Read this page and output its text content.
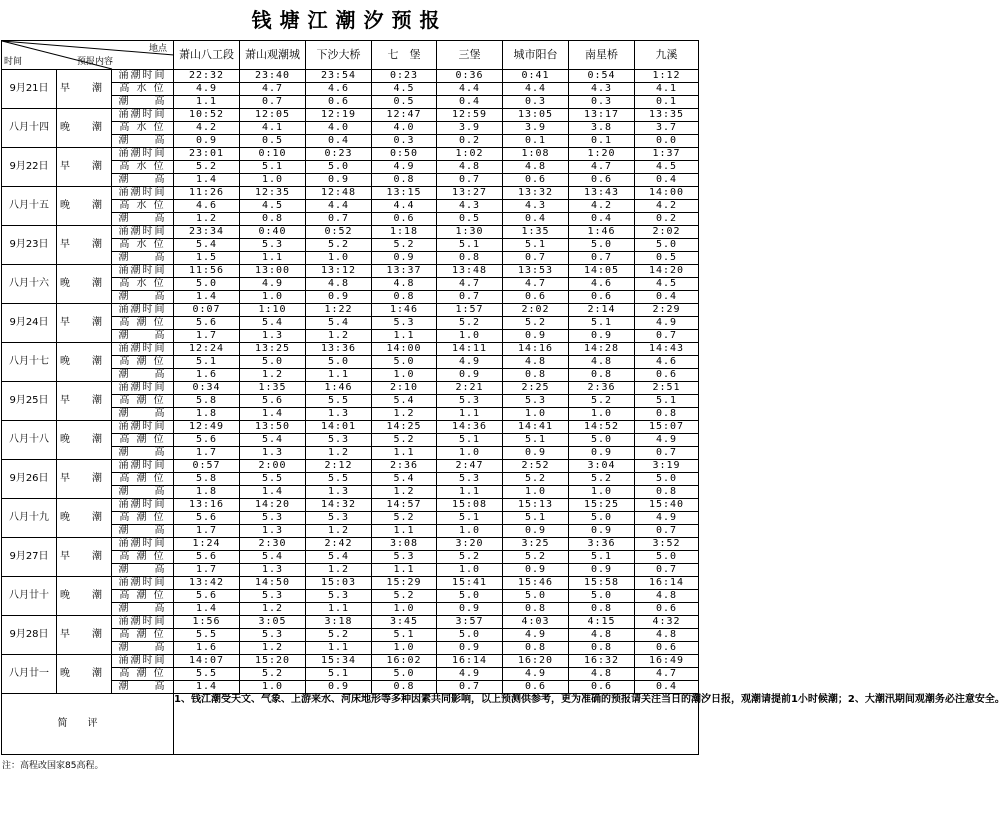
钱塘江潮汐预报
地点
预报内容
时间			萧山八工段	萧山观潮城	下沙大桥	七　堡	三堡	城市阳台	南星桥	九溪
9月21日	早　潮	涌潮时间	22:32	23:40	23:54	0:23	0:36	0:41	0:54	1:12
		高 水 位	4.9	4.7	4.6	4.5	4.4	4.4	4.3	4.1
		潮　　高	1.1	0.7	0.6	0.5	0.4	0.3	0.3	0.1
八月十四	晚　潮	涌潮时间	10:52	12:05	12:19	12:47	12:59	13:05	13:17	13:35
		高 水 位	4.2	4.1	4.0	4.0	3.9	3.9	3.8	3.7
		潮　　高	0.9	0.5	0.4	0.3	0.2	0.1	0.1	0.0
9月22日	早　潮	涌潮时间	23:01	0:10	0:23	0:50	1:02	1:08	1:20	1:37
		高 水 位	5.2	5.1	5.0	4.9	4.8	4.8	4.7	4.5
		潮　　高	1.4	1.0	0.9	0.8	0.7	0.6	0.6	0.4
八月十五	晚　潮	涌潮时间	11:26	12:35	12:48	13:15	13:27	13:32	13:43	14:00
		高 水 位	4.6	4.5	4.4	4.4	4.3	4.3	4.2	4.2
		潮　　高	1.2	0.8	0.7	0.6	0.5	0.4	0.4	0.2
9月23日	早　潮	涌潮时间	23:34	0:40	0:52	1:18	1:30	1:35	1:46	2:02
		高 水 位	5.4	5.3	5.2	5.2	5.1	5.1	5.0	5.0
		潮　　高	1.5	1.1	1.0	0.9	0.8	0.7	0.7	0.5
八月十六	晚　潮	涌潮时间	11:56	13:00	13:12	13:37	13:48	13:53	14:05	14:20
		高 水 位	5.0	4.9	4.8	4.8	4.7	4.7	4.6	4.5
		潮　　高	1.4	1.0	0.9	0.8	0.7	0.6	0.6	0.4
9月24日	早　潮	涌潮时间	0:07	1:10	1:22	1:46	1:57	2:02	2:14	2:29
		高 潮 位	5.6	5.4	5.4	5.3	5.2	5.2	5.1	4.9
		潮　　高	1.7	1.3	1.2	1.1	1.0	0.9	0.9	0.7
八月十七	晚　潮	涌潮时间	12:24	13:25	13:36	14:00	14:11	14:16	14:28	14:43
		高 潮 位	5.1	5.0	5.0	5.0	4.9	4.8	4.8	4.6
		潮　　高	1.6	1.2	1.1	1.0	0.9	0.8	0.8	0.6
9月25日	早　潮	涌潮时间	0:34	1:35	1:46	2:10	2:21	2:25	2:36	2:51
		高 潮 位	5.8	5.6	5.5	5.4	5.3	5.3	5.2	5.1
		潮　　高	1.8	1.4	1.3	1.2	1.1	1.0	1.0	0.8
八月十八	晚　潮	涌潮时间	12:49	13:50	14:01	14:25	14:36	14:41	14:52	15:07
		高 潮 位	5.6	5.4	5.3	5.2	5.1	5.1	5.0	4.9
		潮　　高	1.7	1.3	1.2	1.1	1.0	0.9	0.9	0.7
9月26日	早　潮	涌潮时间	0:57	2:00	2:12	2:36	2:47	2:52	3:04	3:19
		高 潮 位	5.8	5.5	5.5	5.4	5.3	5.2	5.2	5.0
		潮　　高	1.8	1.4	1.3	1.2	1.1	1.0	1.0	0.8
八月十九	晚　潮	涌潮时间	13:16	14:20	14:32	14:57	15:08	15:13	15:25	15:40
		高 潮 位	5.6	5.3	5.3	5.2	5.1	5.1	5.0	4.9
		潮　　高	1.7	1.3	1.2	1.1	1.0	0.9	0.9	0.7
9月27日	早　潮	涌潮时间	1:24	2:30	2:42	3:08	3:20	3:25	3:36	3:52
		高 潮 位	5.6	5.4	5.4	5.3	5.2	5.2	5.1	5.0
		潮　　高	1.7	1.3	1.2	1.1	1.0	0.9	0.9	0.7
八月廿十	晚　潮	涌潮时间	13:42	14:50	15:03	15:29	15:41	15:46	15:58	16:14
		高 潮 位	5.6	5.3	5.3	5.2	5.0	5.0	5.0	4.8
		潮　　高	1.4	1.2	1.1	1.0	0.9	0.8	0.8	0.6
9月28日	早　潮	涌潮时间	1:56	3:05	3:18	3:45	3:57	4:03	4:15	4:32
		高 潮 位	5.5	5.3	5.2	5.1	5.0	4.9	4.8	4.8
		潮　　高	1.6	1.2	1.1	1.0	0.9	0.8	0.8	0.6
八月廿一	晚　潮	涌潮时间	14:07	15:20	15:34	16:02	16:14	16:20	16:32	16:49
		高 潮 位	5.5	5.2	5.1	5.0	4.9	4.9	4.8	4.7
		潮　　高	1.4	1.0	0.9	0.8	0.7	0.6	0.6	0.4
简评			1、钱江潮受天文、气象、上游来水、河床地形等多种因素共同影响，以上预测供参考，更为准确的预报请关注当日的潮汐日报，观潮请提前1小时候潮；2、大潮汛期间观潮务必注意安全。							
注：高程改国家85高程。
